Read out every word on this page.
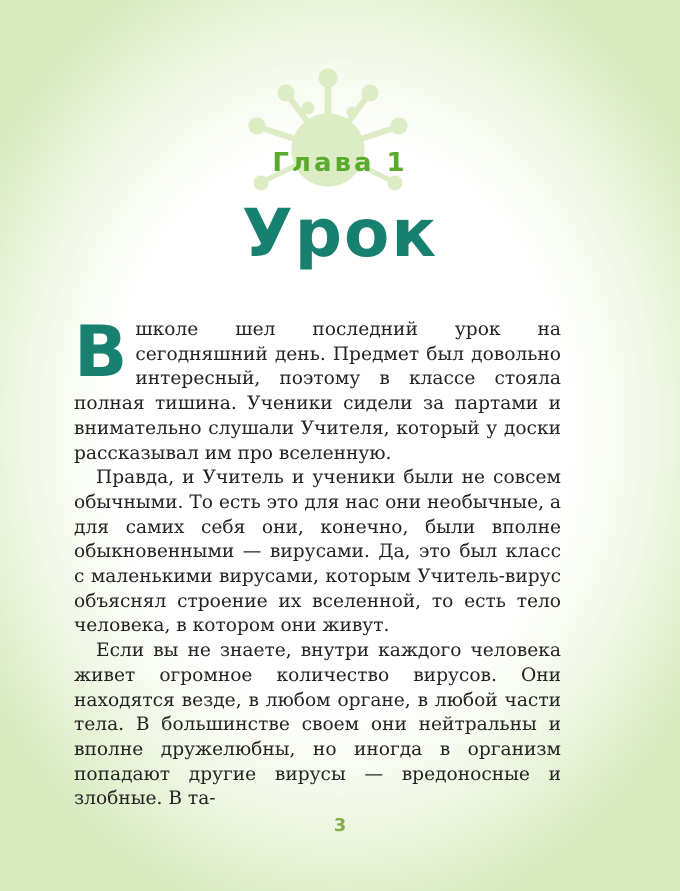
Глава 1
Урок

В школе шел последний урок на сегодняшний день. Предмет был довольно интересный, поэтому в классе стояла полная тишина. Ученики сидели за партами и внимательно слушали Учителя, который у доски рассказывал им про вселенную.

Правда, и Учитель и ученики были не совсем обычными. То есть это для нас они необычные, а для самих себя они, конечно, были вполне обыкновенными — вирусами. Да, это был класс с маленькими вирусами, которым Учитель-вирус объяснял строение их вселенной, то есть тело человека, в котором они живут.

Если вы не знаете, внутри каждого человека живет огромное количество вирусов. Они находятся везде, в любом органе, в любой части тела. В большинстве своем они нейтральны и вполне дружелюбны, но иногда в организм попадают другие вирусы — вредоносные и злобные. В та-

3
